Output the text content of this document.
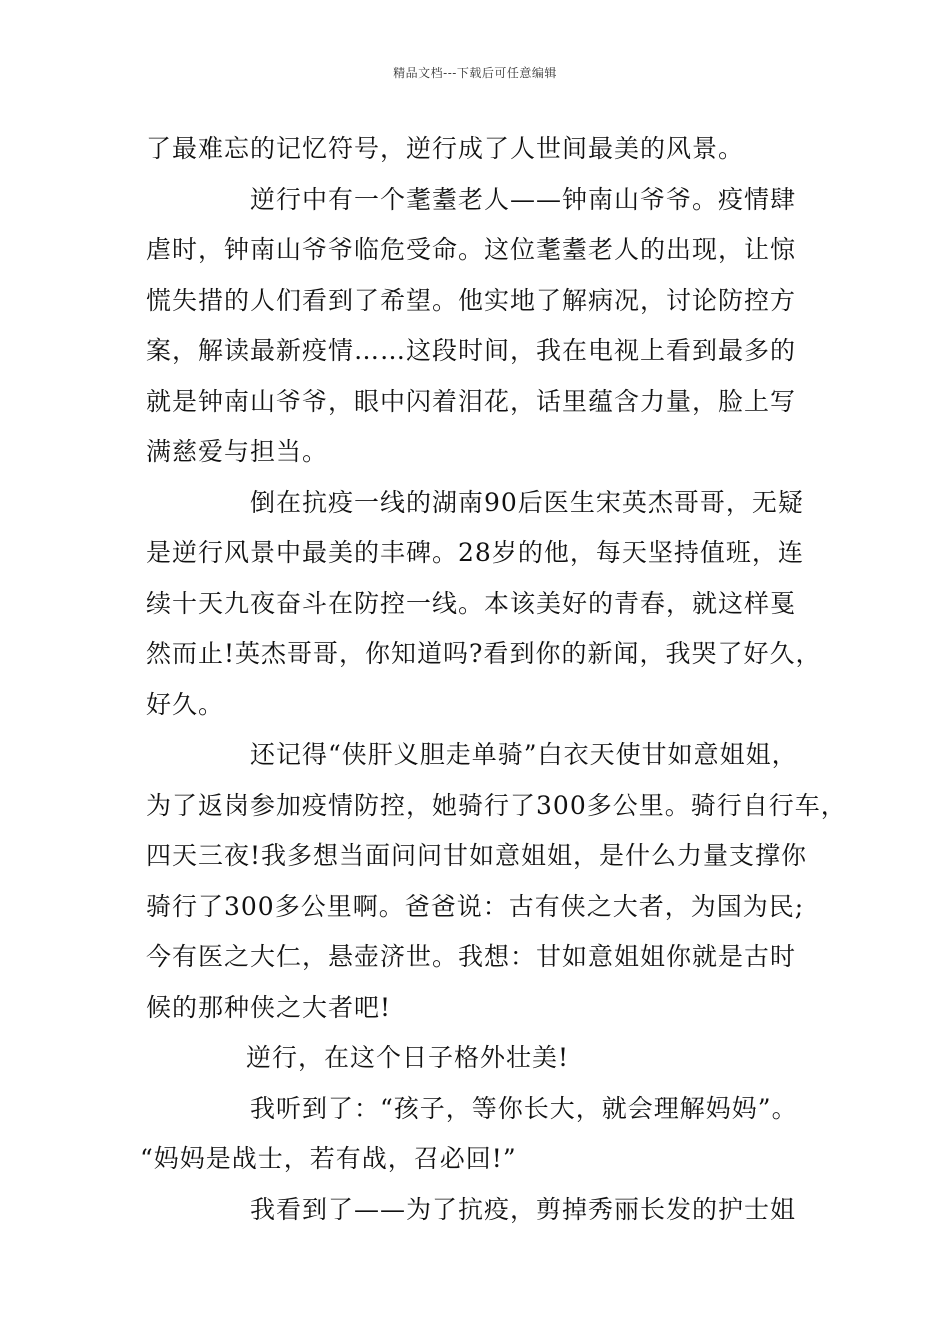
精品文档---下载后可任意编辑
了最难忘的记忆符号，逆行成了人世间最美的风景。
逆行中有一个耄耋老人——钟南山爷爷。疫情肆
虐时，钟南山爷爷临危受命。这位耄耋老人的出现，让惊
慌失措的人们看到了希望。他实地了解病况，讨论防控方
案，解读最新疫情……这段时间，我在电视上看到最多的
就是钟南山爷爷，眼中闪着泪花，话里蕴含力量，脸上写
满慈爱与担当。
倒在抗疫一线的湖南90后医生宋英杰哥哥，无疑
是逆行风景中最美的丰碑。28岁的他，每天坚持值班，连
续十天九夜奋斗在防控一线。本该美好的青春，就这样戛
然而止!英杰哥哥，你知道吗?看到你的新闻，我哭了好久，
好久。
还记得“侠肝义胆走单骑”白衣天使甘如意姐姐，
为了返岗参加疫情防控，她骑行了300多公里。骑行自行车，
四天三夜!我多想当面问问甘如意姐姐，是什么力量支撑你
骑行了300多公里啊。爸爸说：古有侠之大者，为国为民;
今有医之大仁，悬壶济世。我想：甘如意姐姐你就是古时
候的那种侠之大者吧!
逆行，在这个日子格外壮美!
我听到了：“孩子，等你长大，就会理解妈妈”。
“妈妈是战士，若有战，召必回!”
我看到了——为了抗疫，剪掉秀丽长发的护士姐
